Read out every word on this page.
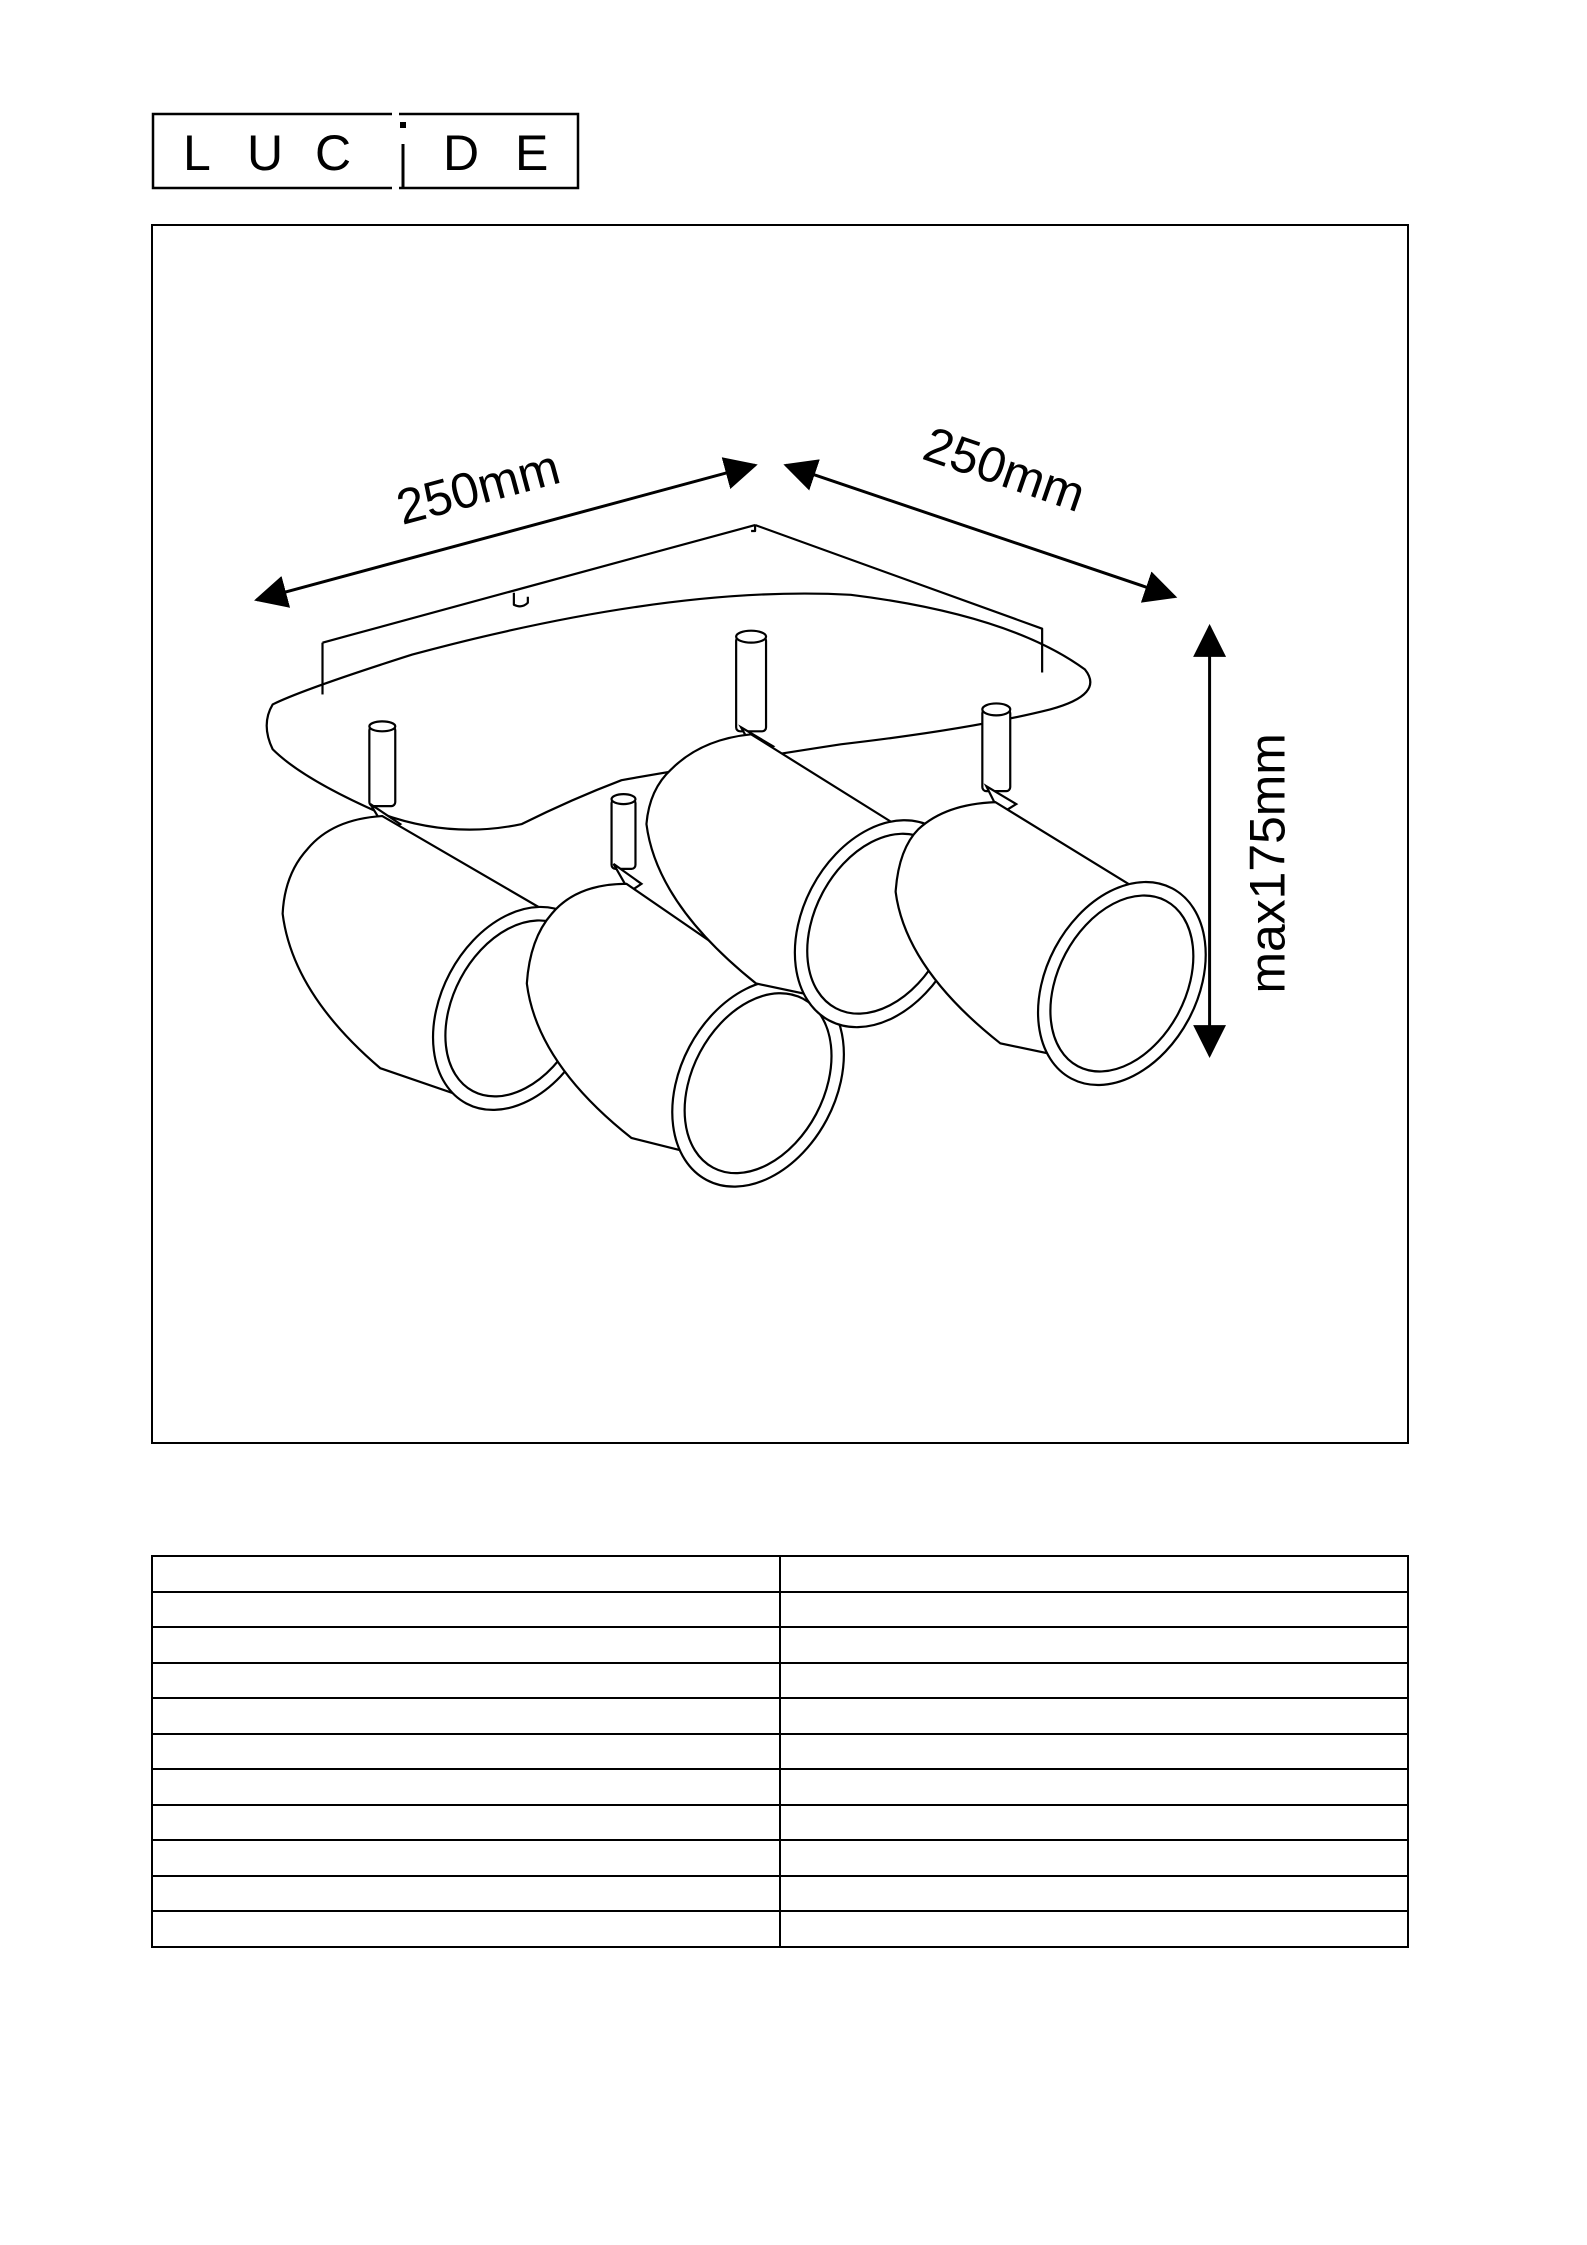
L U C D E
250mm	250mm
max175mm
